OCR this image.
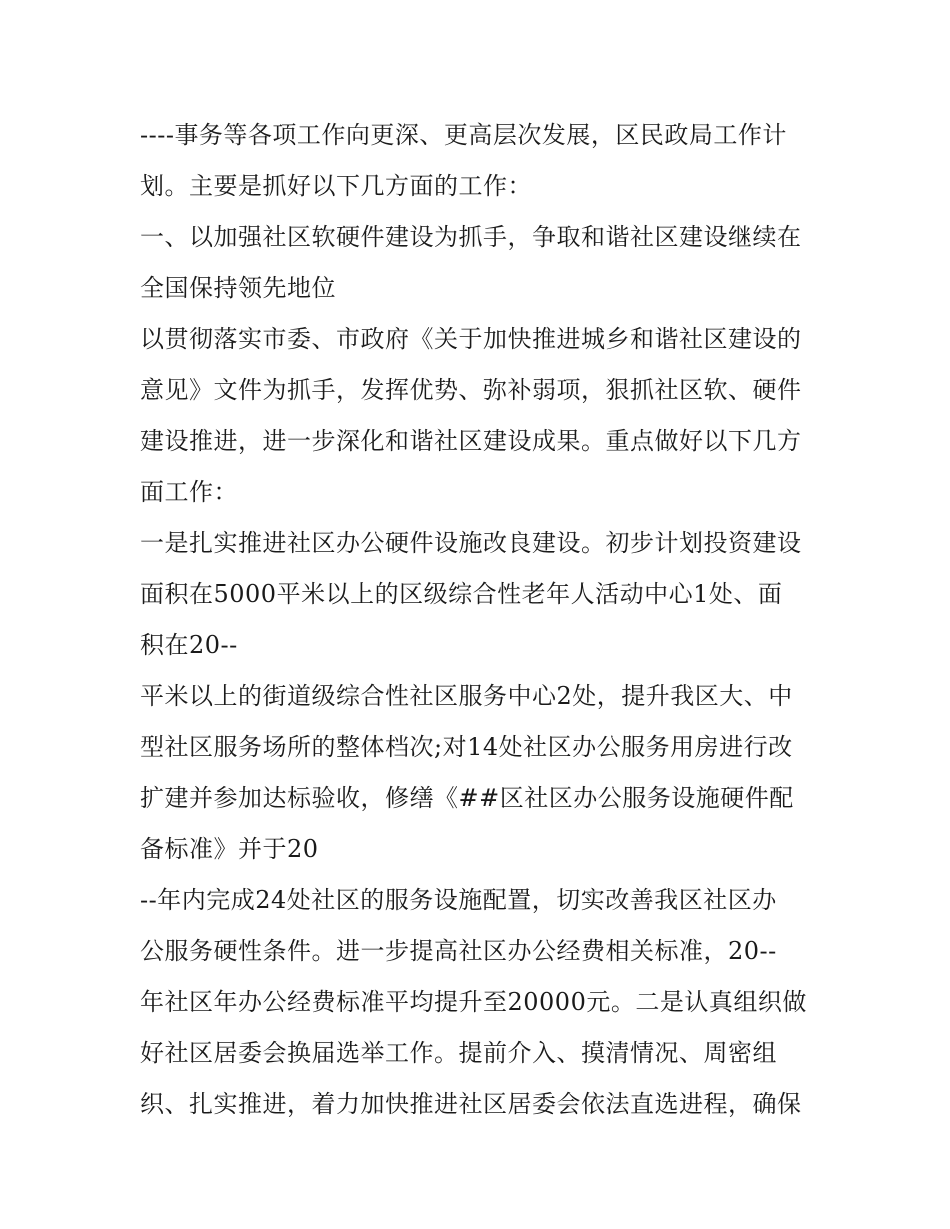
----事务等各项工作向更深、更高层次发展，区民政局工作计
划。主要是抓好以下几方面的工作：
一、以加强社区软硬件建设为抓手，争取和谐社区建设继续在
全国保持领先地位
以贯彻落实市委、市政府《关于加快推进城乡和谐社区建设的
意见》文件为抓手，发挥优势、弥补弱项，狠抓社区软、硬件
建设推进，进一步深化和谐社区建设成果。重点做好以下几方
面工作：
一是扎实推进社区办公硬件设施改良建设。初步计划投资建设
面积在5000平米以上的区级综合性老年人活动中心1处、面
积在20--
平米以上的街道级综合性社区服务中心2处，提升我区大、中
型社区服务场所的整体档次;对14处社区办公服务用房进行改
扩建并参加达标验收，修缮《##区社区办公服务设施硬件配
备标准》并于20
--年内完成24处社区的服务设施配置，切实改善我区社区办
公服务硬性条件。进一步提高社区办公经费相关标准，20--
年社区年办公经费标准平均提升至20000元。二是认真组织做
好社区居委会换届选举工作。提前介入、摸清情况、周密组
织、扎实推进，着力加快推进社区居委会依法直选进程，确保
